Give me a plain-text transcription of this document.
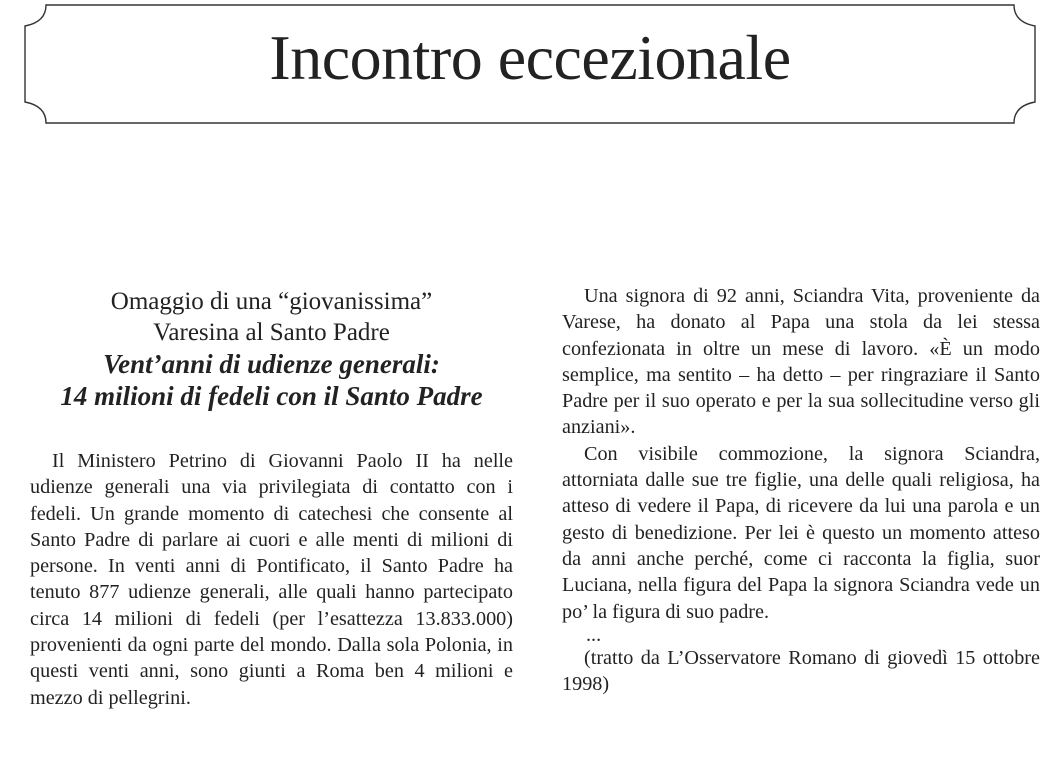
Incontro eccezionale
Omaggio di una “giovanissima”
Varesina al Santo Padre
Vent’anni di udienze generali:
14 milioni di fedeli con il Santo Padre

Il Ministero Petrino di Giovanni Paolo II ha nelle udienze generali una via privilegiata di contatto con i fedeli. Un grande momento di catechesi che consente al Santo Padre di parlare ai cuori e alle menti di milioni di persone. In venti anni di Pontificato, il Santo Padre ha tenuto 877 udienze generali, alle quali hanno partecipato circa 14 milioni di fedeli (per l’esattezza 13.833.000) provenienti da ogni parte del mondo. Dalla sola Polonia, in questi venti anni, sono giunti a Roma ben 4 milioni e mezzo di pellegrini.

Una signora di 92 anni, Sciandra Vita, proveniente da Varese, ha donato al Papa una stola da lei stessa confezionata in oltre un mese di lavoro. «È un modo semplice, ma sentito – ha detto – per ringraziare il Santo Padre per il suo operato e per la sua sollecitudine verso gli anziani».

Con visibile commozione, la signora Sciandra, attorniata dalle sue tre figlie, una delle quali religiosa, ha atteso di vedere il Papa, di ricevere da lui una parola e un gesto di benedizione. Per lei è questo un momento atteso da anni anche perché, come ci racconta la figlia, suor Luciana, nella figura del Papa la signora Sciandra vede un po’ la figura di suo padre.

...

(tratto da L’Osservatore Romano di giovedì 15 ottobre 1998)
